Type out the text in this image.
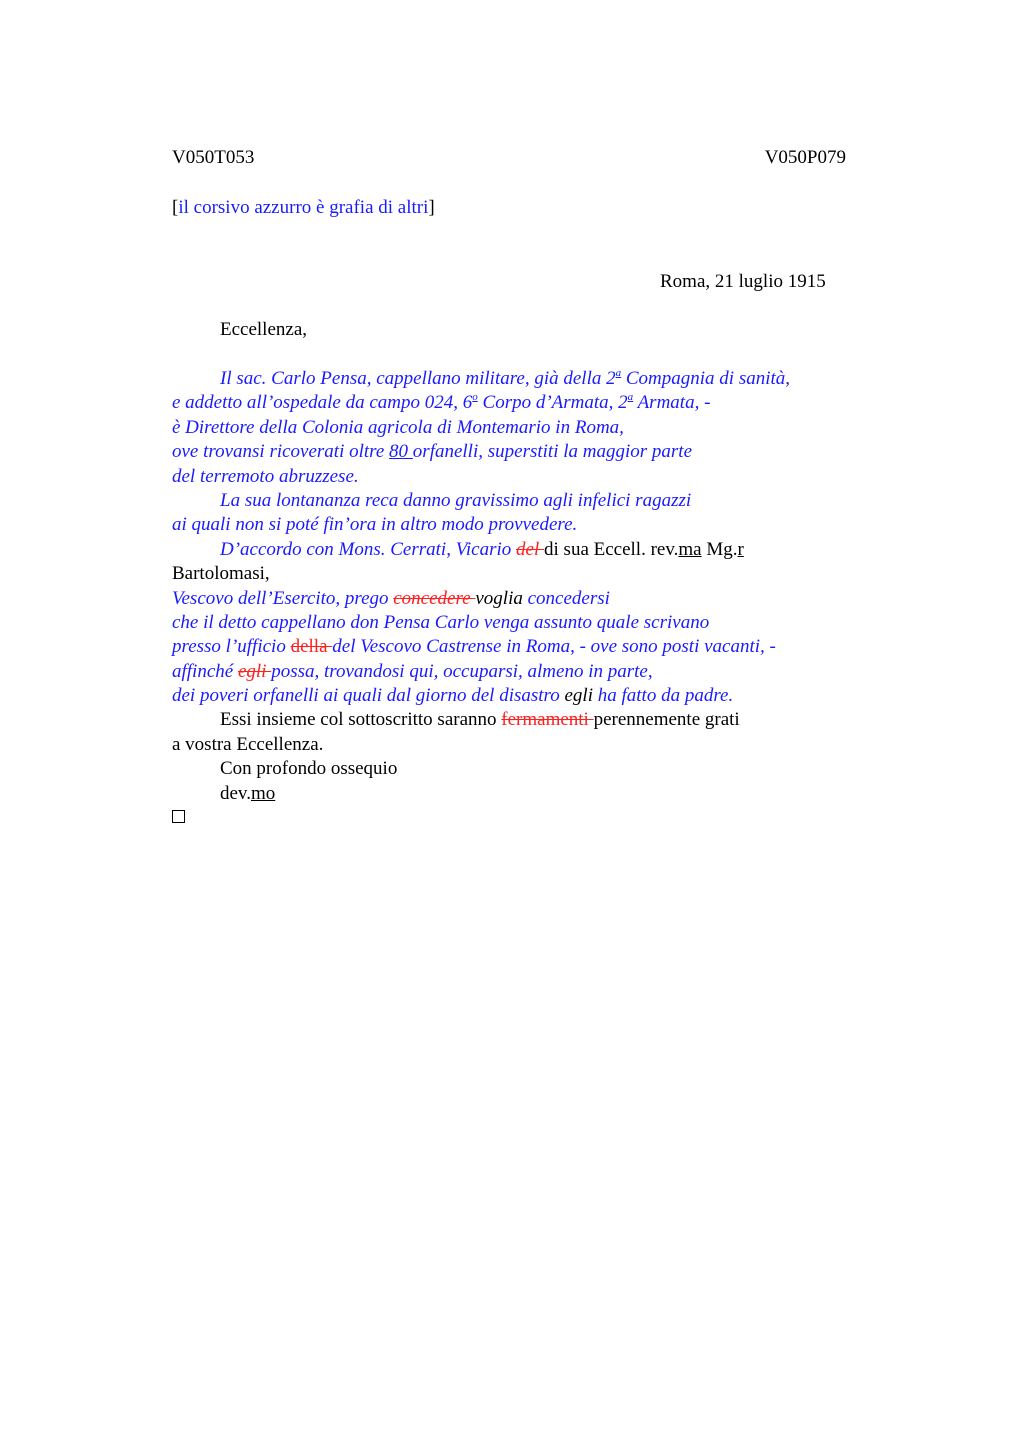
V050T053	V050P079
[il corsivo azzurro è grafia di altri]
Roma, 21 luglio 1915
Eccellenza,
Il sac. Carlo Pensa, cappellano militare, già della 2$^a$ Compagnia di sanità,
e addetto all’ospedale da campo 024, 6$^o$ Corpo d’Armata, 2$^a$ Armata, -
è Direttore della Colonia agricola di Montemario in Roma,
ove trovansi ricoverati oltre 80 orfanelli, superstiti la maggior parte
del terremoto abruzzese.
La sua lontananza reca danno gravissimo agli infelici ragazzi
ai quali non si poté fin’ora in altro modo provvedere.
D’accordo con Mons. Cerrati, Vicario del di sua Eccell. rev.ma Mg.r
Bartolomasi,
Vescovo dell’Esercito, prego concedere voglia concedersi
che il detto cappellano don Pensa Carlo venga assunto quale scrivano
presso l’ufficio della del Vescovo Castrense in Roma, - ove sono posti vacanti, -
affinché egli possa, trovandosi qui, occuparsi, almeno in parte,
dei poveri orfanelli ai quali dal giorno del disastro egli ha fatto da padre.
Essi insieme col sottoscritto saranno fermamenti perennemente grati
a vostra Eccellenza.
Con profondo ossequio
dev.mo
